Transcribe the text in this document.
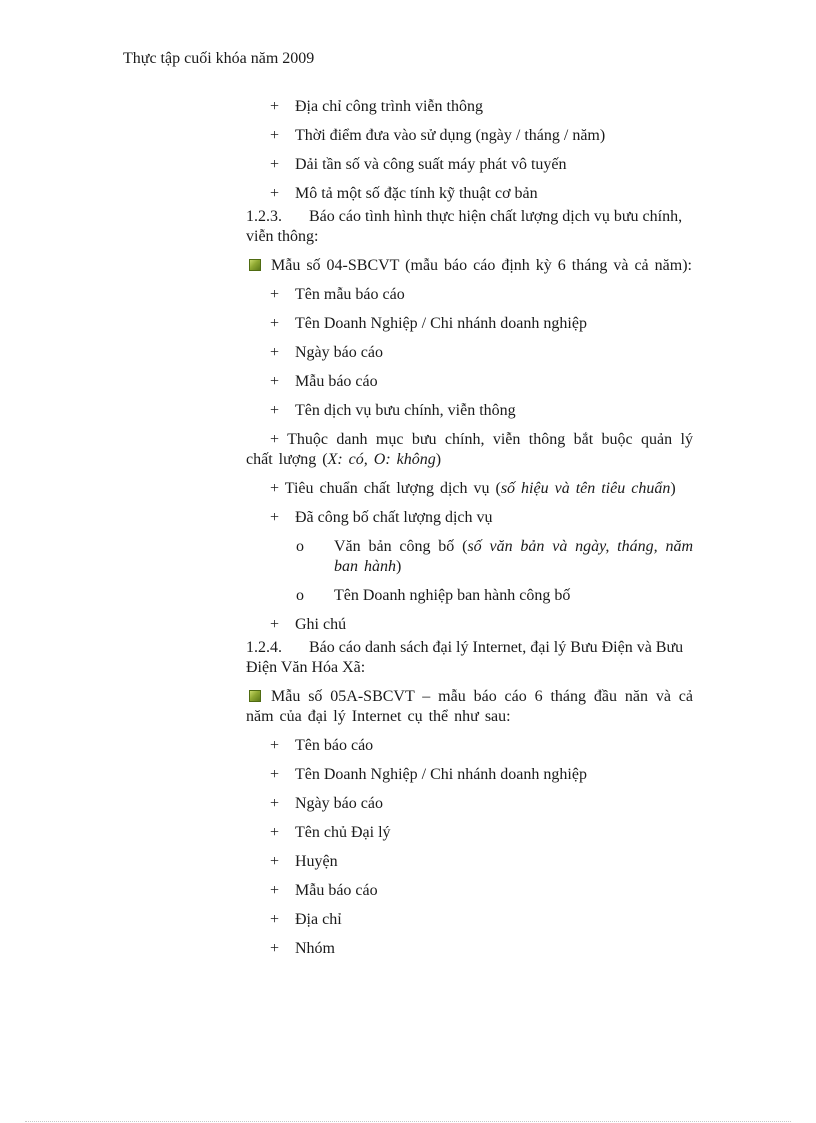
Thực tập cuối khóa năm 2009
+ Địa chỉ công trình viễn thông
+ Thời điểm đưa vào sử dụng (ngày / tháng / năm)
+ Dải tần số và công suất máy phát vô tuyến
+ Mô tả một số đặc tính kỹ thuật cơ bản
1.2.3. Báo cáo tình hình thực hiện chất lượng dịch vụ bưu chính, viễn thông:
Mẫu số 04-SBCVT (mẫu báo cáo định kỳ 6 tháng và cả năm):
+ Tên mẫu báo cáo
+ Tên Doanh Nghiệp / Chi nhánh doanh nghiệp
+ Ngày báo cáo
+ Mẫu báo cáo
+ Tên dịch vụ bưu chính, viễn thông
+ Thuộc danh mục bưu chính, viễn thông bắt buộc quản lý chất lượng (X: có, O: không)
+ Tiêu chuẩn chất lượng dịch vụ (số hiệu và tên tiêu chuẩn)
+ Đã công bố chất lượng dịch vụ
o Văn bản công bố (số văn bản và ngày, tháng, năm ban hành)
o Tên Doanh nghiệp ban hành công bố
+ Ghi chú
1.2.4. Báo cáo danh sách đại lý Internet, đại lý Bưu Điện và Bưu Điện Văn Hóa Xã:
Mẫu số 05A-SBCVT – mẫu báo cáo 6 tháng đầu năn và cả năm của đại lý Internet cụ thể như sau:
+ Tên báo cáo
+ Tên Doanh Nghiệp / Chi nhánh doanh nghiệp
+ Ngày báo cáo
+ Tên chủ Đại lý
+ Huyện
+ Mẫu báo cáo
+ Địa chỉ
+ Nhóm
